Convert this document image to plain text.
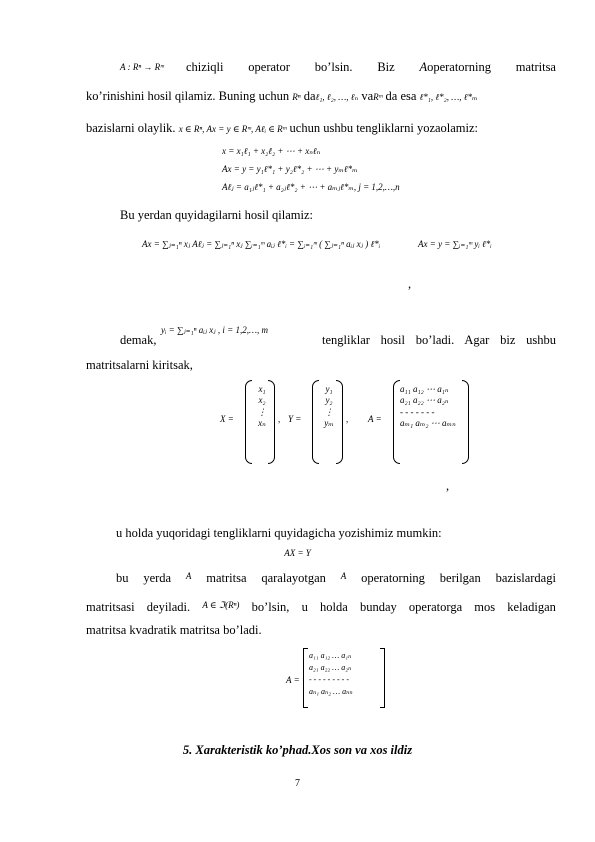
A : Rⁿ → Rᵐ chiziqli operator bo’lsin. Biz Aoperatorning matritsa
ko’rinishini hosil qilamiz. Buning uchun Rⁿ daℓ₁, ℓ₂, …, ℓₙ vaRᵐ da esa ℓ*₁, ℓ*₂, …, ℓ*ₘ
bazislarni olaylik. x ∈ Rⁿ, Ax = y ∈ Rᵐ, Aℓᵢ ∈ Rᵐ uchun ushbu tengliklarni yozaolamiz:
x = x₁ℓ₁ + x₂ℓ₂ + ⋯ + xₙℓₙ
Ax = y = y₁ℓ*₁ + y₂ℓ*₂ + ⋯ + yₘℓ*ₘ
Aℓⱼ = a₁ⱼℓ*₁ + a₂ⱼℓ*₂ + ⋯ + aₘⱼℓ*ₘ, j = 1,2,…,n
Bu yerdan quyidagilarni hosil qilamiz:
Ax = ∑ⱼ₌₁ⁿ xⱼ Aℓⱼ = ∑ⱼ₌₁ⁿ xⱼ ∑ᵢ₌₁ᵐ aᵢⱼ ℓ*ᵢ = ∑ᵢ₌₁ᵐ ( ∑ⱼ₌₁ⁿ aᵢⱼ xⱼ ) ℓ*ᵢ	Ax = y = ∑ᵢ₌₁ᵐ yᵢ ℓ*ᵢ
,
demak,
yᵢ = ∑ⱼ₌₁ⁿ aᵢⱼ xⱼ , i = 1,2,…, m
tengliklar hosil bo’ladi. Agar biz ushbu
matritsalarni kiritsak,
X =
x₁
x₂
⋮
xₙ	, Y =
y₁
y₂
⋮
yₘ	, A =
a₁₁ a₁₂ ⋯ a₁ₙ
a₂₁ a₂₂ ⋯ a₂ₙ
- - - - - - -
aₘ₁ aₘ₂ ⋯ aₘₙ
,
u holda yuqoridagi tengliklarni quyidagicha yozishimiz mumkin:
AX = Y
bu yerda A matritsa qaralayotgan A operatorning berilgan bazislardagi
matritsasi deyiladi. A ∈ ℑ(Rⁿ) bo’lsin, u holda bunday operatorga mos keladigan
matritsa kvadratik matritsa bo’ladi.
A =
a₁₁ a₁₂ … a₁ₙ
a₂₁ a₂₂ … a₂ₙ
- - - - - - - - -
aₙ₁ aₙ₂ … aₙₙ
5. Xarakteristik ko’phad.Xos son va xos ildiz
7
